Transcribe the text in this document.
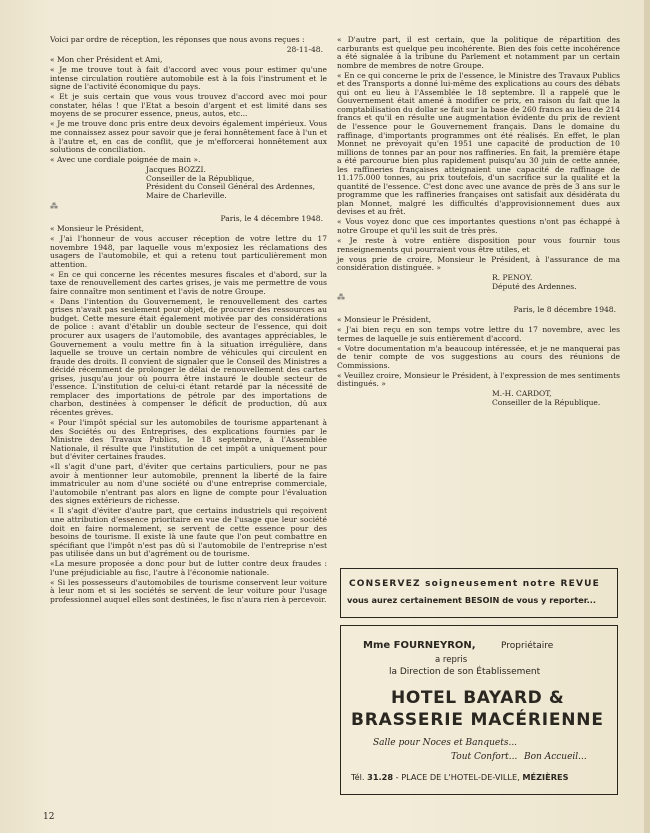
Voici par ordre de réception, les réponses que nous avons reçues :

28-11-48.

« Mon cher Président et Ami,

« Je me trouve tout à fait d'accord avec vous pour estimer qu'une intense circulation routière automobile est à la fois l'instrument et le signe de l'activité économique du pays.

« Et je suis certain que vous vous trouvez d'accord avec moi pour constater, hélas ! que l'Etat a besoin d'argent et est limité dans ses moyens de se procurer essence, pneus, autos, etc...

« Je me trouve donc pris entre deux devoirs également impérieux. Vous me connaissez assez pour savoir que je ferai honnêtement face à l'un et à l'autre et, en cas de conflit, que je m'efforcerai honnêtement aux solutions de conciliation.

« Avec une cordiale poignée de main ».

Jacques BOZZI.
Conseiller de la République,
Président du Conseil Général des Ardennes,
Maire de Charleville.

⁂

Paris, le 4 décembre 1948.

« Monsieur le Président,

« J'ai l'honneur de vous accuser réception de votre lettre du 17 novembre 1948, par laquelle vous m'exposiez les réclamations des usagers de l'automobile, et qui a retenu tout particulièrement mon attention.

« En ce qui concerne les récentes mesures fiscales et d'abord, sur la taxe de renouvellement des cartes grises, je vais me permettre de vous faire connaître mon sentiment et l'avis de notre Groupe.

« Dans l'intention du Gouvernement, le renouvellement des cartes grises n'avait pas seulement pour objet, de procurer des ressources au budget. Cette mesure était également motivée par des considérations de police : avant d'établir un double secteur de l'essence, qui doit procurer aux usagers de l'automobile, des avantages appréciables, le Gouvernement a voulu mettre fin à la situation irrégulière, dans laquelle se trouve un certain nombre de véhicules qui circulent en fraude des droits. Il convient de signaler que le Conseil des Ministres a décidé récemment de prolonger le délai de renouvellement des cartes grises, jusqu'au jour où pourra être instauré le double secteur de l'essence. L'institution de celui-ci étant retardé par la nécessité de remplacer des importations de pétrole par des importations de charbon, destinées à compenser le déficit de production, dû aux récentes grèves.

« Pour l'impôt spécial sur les automobiles de tourisme appartenant à des Sociétés ou des Entreprises, des explications fournies par le Ministre des Travaux Publics, le 18 septembre, à l'Assemblée Nationale, il résulte que l'institution de cet impôt a uniquement pour but d'éviter certaines fraudes.

«Il s'agit d'une part, d'éviter que certains particuliers, pour ne pas avoir à mentionner leur automobile, prennent la liberté de la faire immatriculer au nom d'une société ou d'une entreprise commerciale, l'automobile n'entrant pas alors en ligne de compte pour l'évaluation des signes extérieurs de richesse.

« Il s'agit d'éviter d'autre part, que certains industriels qui reçoivent une attribution d'essence prioritaire en vue de l'usage que leur société doit en faire normalement, se servent de cette essence pour des besoins de tourisme. Il existe là une faute que l'on peut combattre en spécifiant que l'impôt n'est pas dû si l'automobile de l'entreprise n'est pas utilisée dans un but d'agrément ou de tourisme.

«La mesure proposée a donc pour but de lutter contre deux fraudes : l'une préjudiciable au fisc, l'autre à l'économie nationale.

« Si les possesseurs d'automobiles de tourisme conservent leur voiture à leur nom et si les sociétés se servent de leur voiture pour l'usage professionnel auquel elles sont destinées, le fisc n'aura rien à percevoir.

« D'autre part, il est certain, que la politique de répartition des carburants est quelque peu incohérente. Bien des fois cette incohérence a été signalée à la tribune du Parlement et notamment par un certain nombre de membres de notre Groupe.

« En ce qui concerne le prix de l'essence, le Ministre des Travaux Publics et des Transports a donné lui-même des explications au cours des débats qui ont eu lieu à l'Assemblée le 18 septembre. Il a rappelé que le Gouvernement était amené à modifier ce prix, en raison du fait que la comptabilisation du dollar se fait sur la base de 260 francs au lieu de 214 francs et qu'il en résulte une augmentation évidente du prix de revient de l'essence pour le Gouvernement français. Dans le domaine du raffinage, d'importants programmes ont été réalisés. En effet, le plan Monnet ne prévoyait qu'en 1951 une capacité de production de 10 millions de tonnes par an pour nos raffineries. En fait, la première étape a été parcourue bien plus rapidement puisqu'au 30 juin de cette année, les raffineries françaises atteignaient une capacité de raffinage de 11.175.000 tonnes, au prix toutefois, d'un sacrifice sur la qualité et la quantité de l'essence. C'est donc avec une avance de près de 3 ans sur le programme que les raffineries françaises ont satisfait aux désidérata du plan Monnet, malgré les difficultés d'approvisionnement dues aux devises et au frêt.

« Vous voyez donc que ces importantes questions n'ont pas échappé à notre Groupe et qu'il les suit de très près.

« Je reste à votre entière disposition pour vous fournir tous renseignements qui pourraient vous être utiles, et

je vous prie de croire, Monsieur le Président, à l'assurance de ma considération distinguée. »

R. PENOY.
Député des Ardennes.

⁂

Paris, le 8 décembre 1948.

« Monsieur le Président,

« J'ai bien reçu en son temps votre lettre du 17 novembre, avec les termes de laquelle je suis entièrement d'accord.

« Votre documentation m'a beaucoup intéressée, et je ne manquerai pas de tenir compte de vos suggestions au cours des réunions de Commissions.

« Veuillez croire, Monsieur le Président, à l'expression de mes sentiments distingués. »

M.-H. CARDOT,
Conseiller de la République.

CONSERVEZ soigneusement notre REVUE
vous aurez certainement BESOIN de vous y reporter...
Mme FOURNEYRON,	Propriétaire
a repris
la Direction de son Établissement
HOTEL BAYARD &
BRASSERIE MACÉRIENNE
Salle pour Noces et Banquets...
Tout Confort... Bon Accueil...
Tél. 31.28 - PLACE DE L'HOTEL-DE-VILLE, MÉZIÈRES
12
